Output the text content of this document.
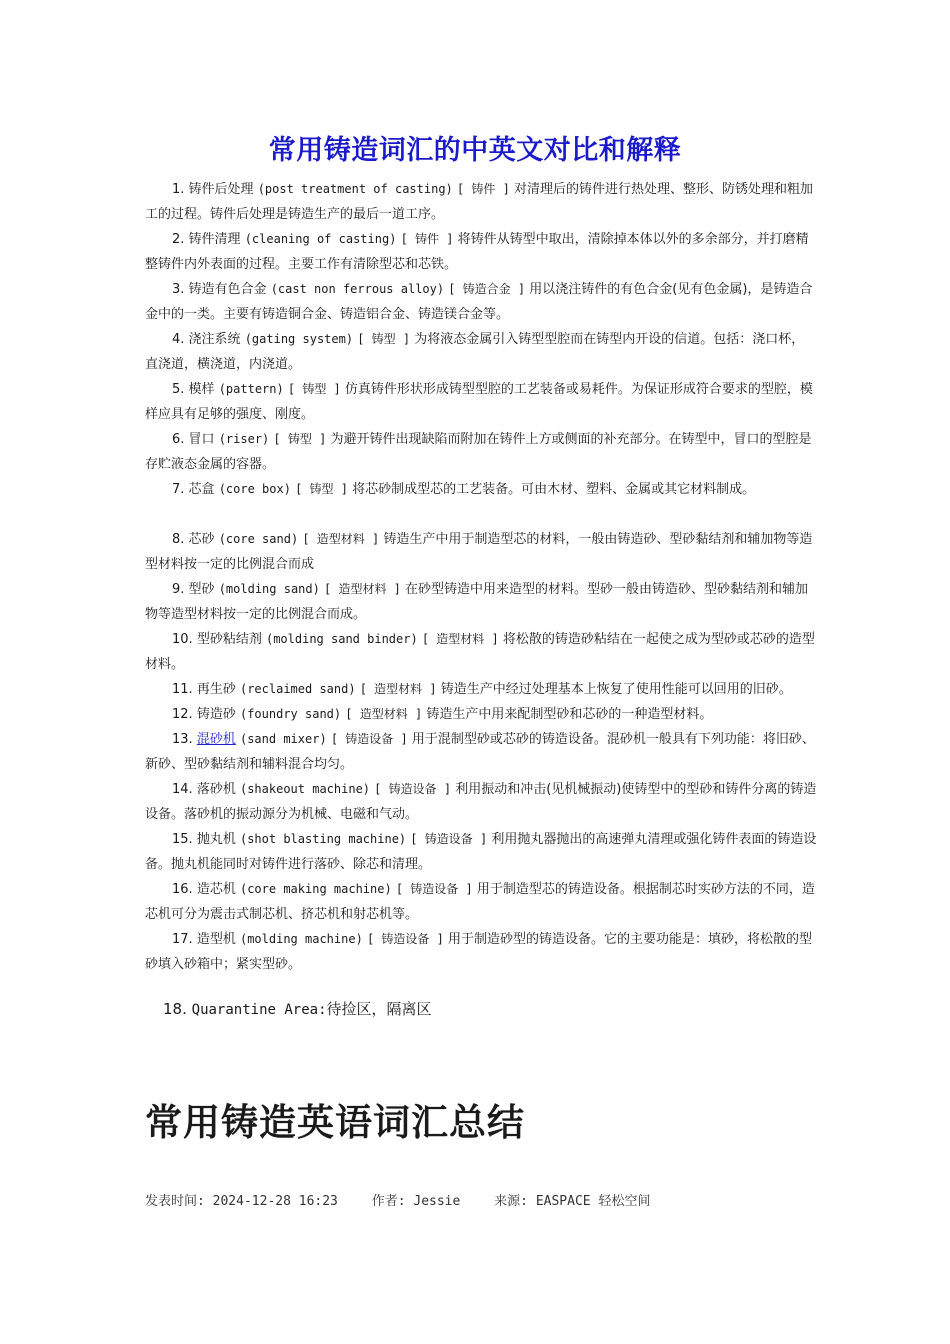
常用铸造词汇的中英文对比和解释

1. 铸件后处理 (post treatment of casting) [ 铸件 ] 对清理后的铸件进行热处理、整形、防锈处理和粗加工的过程。铸件后处理是铸造生产的最后一道工序。

2. 铸件清理 (cleaning of casting) [ 铸件 ] 将铸件从铸型中取出，清除掉本体以外的多余部分，并打磨精整铸件内外表面的过程。主要工作有清除型芯和芯铁。

3. 铸造有色合金 (cast non ferrous alloy) [ 铸造合金 ] 用以浇注铸件的有色合金(见有色金属)，是铸造合金中的一类。主要有铸造铜合金、铸造铝合金、铸造镁合金等。

4. 浇注系统 (gating system) [ 铸型 ] 为将液态金属引入铸型型腔而在铸型内开设的信道。包括：浇口杯，直浇道，横浇道，内浇道。

5. 模样 (pattern) [ 铸型 ] 仿真铸件形状形成铸型型腔的工艺装备或易耗件。为保证形成符合要求的型腔，模样应具有足够的强度、刚度。

6. 冒口 (riser) [ 铸型 ] 为避开铸件出现缺陷而附加在铸件上方或侧面的补充部分。在铸型中，冒口的型腔是存贮液态金属的容器。

7. 芯盒 (core box) [ 铸型 ] 将芯砂制成型芯的工艺装备。可由木材、塑料、金属或其它材料制成。

8. 芯砂 (core sand) [ 造型材料 ] 铸造生产中用于制造型芯的材料，一般由铸造砂、型砂黏结剂和辅加物等造型材料按一定的比例混合而成

9. 型砂 (molding sand) [ 造型材料 ] 在砂型铸造中用来造型的材料。型砂一般由铸造砂、型砂黏结剂和辅加物等造型材料按一定的比例混合而成。

10. 型砂粘结剂 (molding sand binder) [ 造型材料 ] 将松散的铸造砂粘结在一起使之成为型砂或芯砂的造型材料。

11. 再生砂 (reclaimed sand) [ 造型材料 ] 铸造生产中经过处理基本上恢复了使用性能可以回用的旧砂。

12. 铸造砂 (foundry sand) [ 造型材料 ] 铸造生产中用来配制型砂和芯砂的一种造型材料。

13. 混砂机 (sand mixer) [ 铸造设备 ] 用于混制型砂或芯砂的铸造设备。混砂机一般具有下列功能：将旧砂、新砂、型砂黏结剂和辅料混合均匀。

14. 落砂机 (shakeout machine) [ 铸造设备 ] 利用振动和冲击(见机械振动)使铸型中的型砂和铸件分离的铸造设备。落砂机的振动源分为机械、电磁和气动。

15. 抛丸机 (shot blasting machine) [ 铸造设备 ] 利用抛丸器抛出的高速弹丸清理或强化铸件表面的铸造设备。抛丸机能同时对铸件进行落砂、除芯和清理。

16. 造芯机 (core making machine) [ 铸造设备 ] 用于制造型芯的铸造设备。根据制芯时实砂方法的不同，造芯机可分为震击式制芯机、挤芯机和射芯机等。

17. 造型机 (molding machine) [ 铸造设备 ] 用于制造砂型的铸造设备。它的主要功能是：填砂，将松散的型砂填入砂箱中；紧实型砂。

18. Quarantine Area:待捡区，隔离区
常用铸造英语词汇总结
发表时间: 2024-12-28 16:23	作者: Jessie	来源: EASPACE 轻松空间
